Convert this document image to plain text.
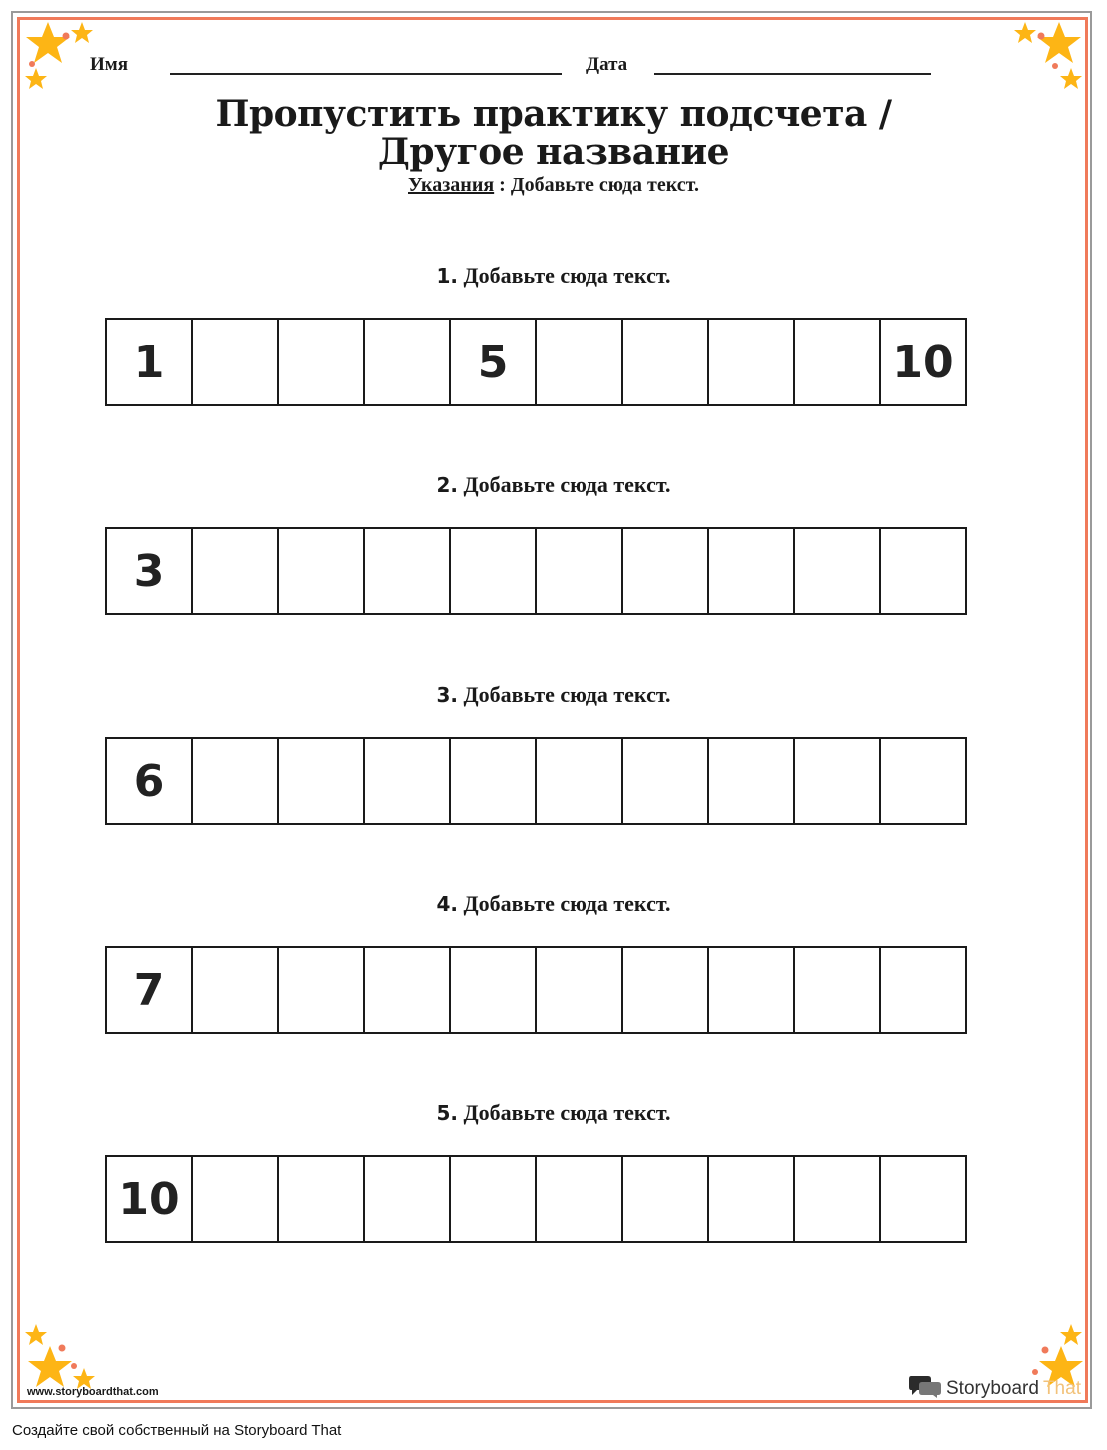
Имя	Дата
Пропустить практику подсчета /
Другое название
Указания : Добавьте сюда текст.
1. Добавьте сюда текст.
1	5	10
2. Добавьте сюда текст.
3
3. Добавьте сюда текст.
6
4. Добавьте сюда текст.
7
5. Добавьте сюда текст.
10
www.storyboardthat.com	Storyboard That
Создайте свой собственный на Storyboard That
